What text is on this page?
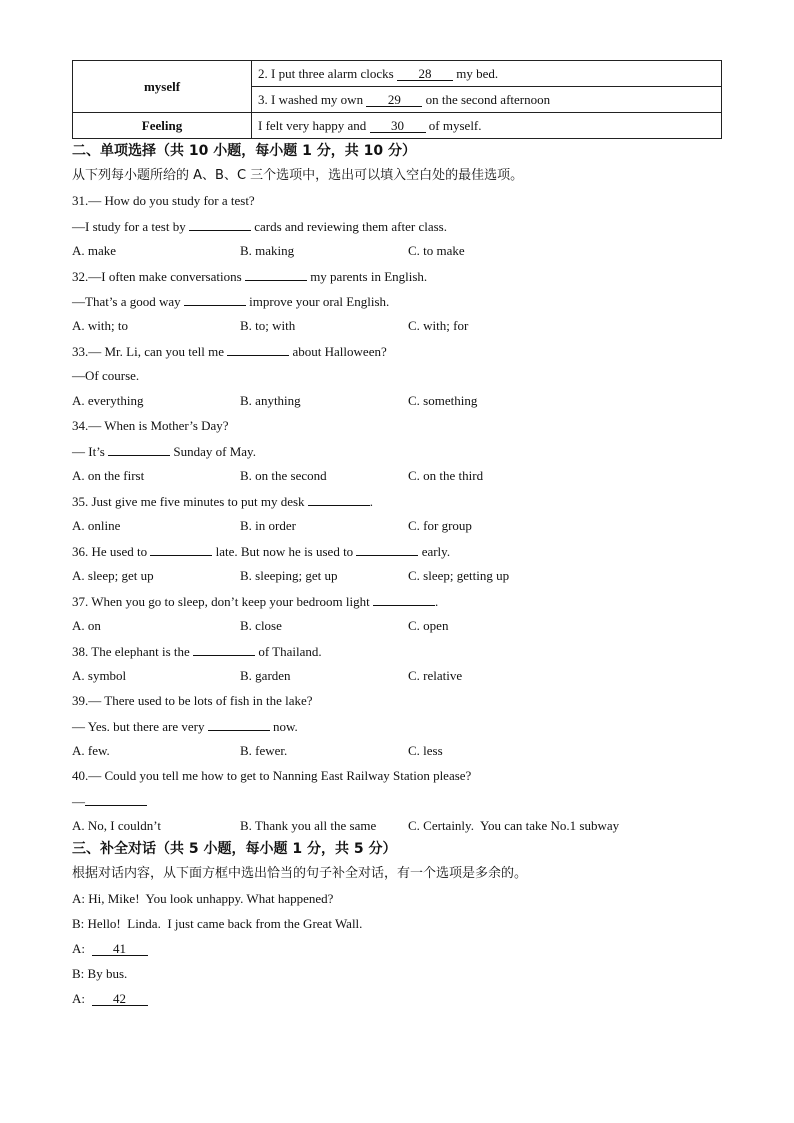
myself	2. I put three alarm clocks 28 my bed.
	3. I washed my own 29 on the second afternoon
Feeling	I felt very happy and 30 of myself.
二、单项选择（共 10 小题，每小题 1 分，共 10 分）
从下列每小题所给的 A、B、C 三个选项中，选出可以填入空白处的最佳选项。
31.— How do you study for a test?
—I study for a test by	cards and reviewing them after class.
A. make	B. making	C. to make
32.—I often make conversations	my parents in English.
—That’s a good way	improve your oral English.
A. with; to	B. to; with	C. with; for
33.— Mr. Li, can you tell me	about Halloween?
—Of course.
A. everything	B. anything	C. something
34.— When is Mother’s Day?
— It’s	Sunday of May.
A. on the first	B. on the second	C. on the third
35. Just give me five minutes to put my desk	.
A. online	B. in order	C. for group
36. He used to	late. But now he is used to	early.
A. sleep; get up	B. sleeping; get up	C. sleep; getting up
37. When you go to sleep, don’t keep your bedroom light	.
A. on	B. close	C. open
38. The elephant is the	of Thailand.
A. symbol	B. garden	C. relative
39.— There used to be lots of fish in the lake?
— Yes. but there are very	now.
A. few.	B. fewer.	C. less
40.— Could you tell me how to get to Nanning East Railway Station please?
—
A. No, I couldn’t	B. Thank you all the same C. Certainly.  You can take No.1 subway
三、补全对话（共 5 小题，每小题 1 分，共 5 分）
根据对话内容，从下面方框中选出恰当的句子补全对话，有一个选项是多余的。
A: Hi, Mike!  You look unhappy. What happened?
B: Hello!  Linda.  I just came back from the Great Wall.
A:  41
B: By bus.
A:  42
